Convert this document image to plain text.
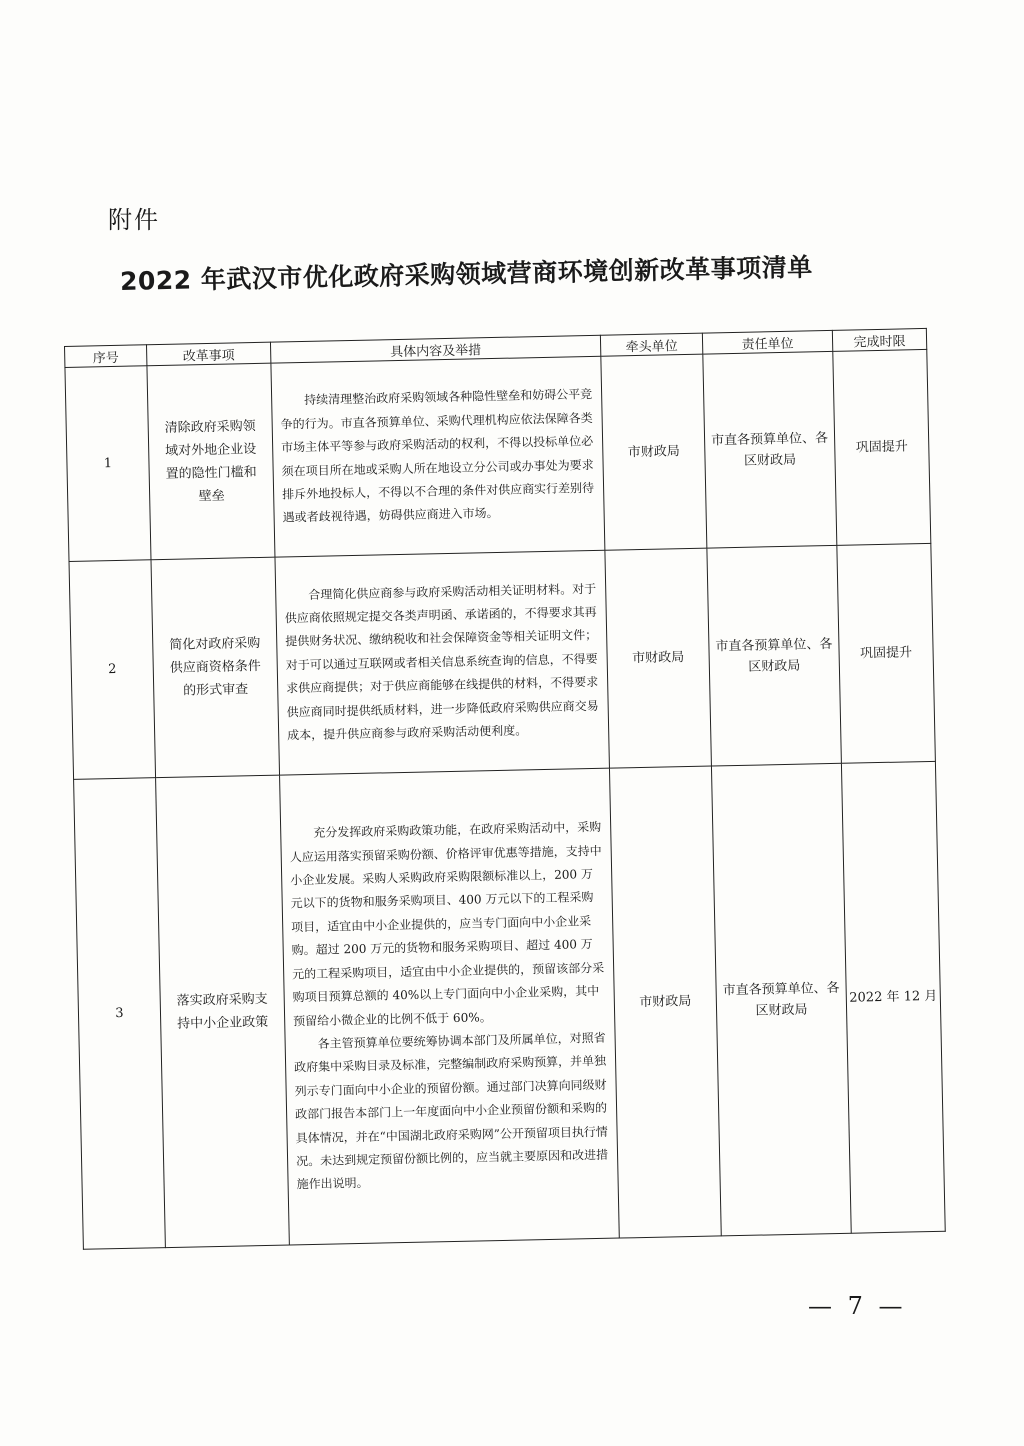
附件
2022 年武汉市优化政府采购领域营商环境创新改革事项清单
序号	改革事项	具体内容及举措	牵头单位	责任单位	完成时限
1	清除政府采购领域对外地企业设置的隐性门槛和壁垒	持续清理整治政府采购领域各种隐性壁垒和妨碍公平竞争的行为。市直各预算单位、采购代理机构应依法保障各类市场主体平等参与政府采购活动的权利，不得以投标单位必须在项目所在地或采购人所在地设立分公司或办事处为要求排斥外地投标人，不得以不合理的条件对供应商实行差别待遇或者歧视待遇，妨碍供应商进入市场。	市财政局	市直各预算单位、各区财政局	巩固提升
2	简化对政府采购供应商资格条件的形式审查	合理简化供应商参与政府采购活动相关证明材料。对于供应商依照规定提交各类声明函、承诺函的，不得要求其再提供财务状况、缴纳税收和社会保障资金等相关证明文件；对于可以通过互联网或者相关信息系统查询的信息，不得要求供应商提供；对于供应商能够在线提供的材料，不得要求供应商同时提供纸质材料，进一步降低政府采购供应商交易成本，提升供应商参与政府采购活动便利度。	市财政局	市直各预算单位、各区财政局	巩固提升
3	落实政府采购支持中小企业政策	充分发挥政府采购政策功能，在政府采购活动中，采购人应运用落实预留采购份额、价格评审优惠等措施，支持中小企业发展。采购人采购政府采购限额标准以上，200 万元以下的货物和服务采购项目、400 万元以下的工程采购项目，适宜由中小企业提供的，应当专门面向中小企业采购。超过 200 万元的货物和服务采购项目、超过 400 万元的工程采购项目，适宜由中小企业提供的，预留该部分采购项目预算总额的 40%以上专门面向中小企业采购，其中预留给小微企业的比例不低于 60%。

各主管预算单位要统筹协调本部门及所属单位，对照省政府集中采购目录及标准，完整编制政府采购预算，并单独列示专门面向中小企业的预留份额。通过部门决算向同级财政部门报告本部门上一年度面向中小企业预留份额和采购的具体情况，并在“中国湖北政府采购网”公开预留项目执行情况。未达到规定预留份额比例的，应当就主要原因和改进措施作出说明。	市财政局	市直各预算单位、各区财政局	2022 年 12 月
— 7 —
